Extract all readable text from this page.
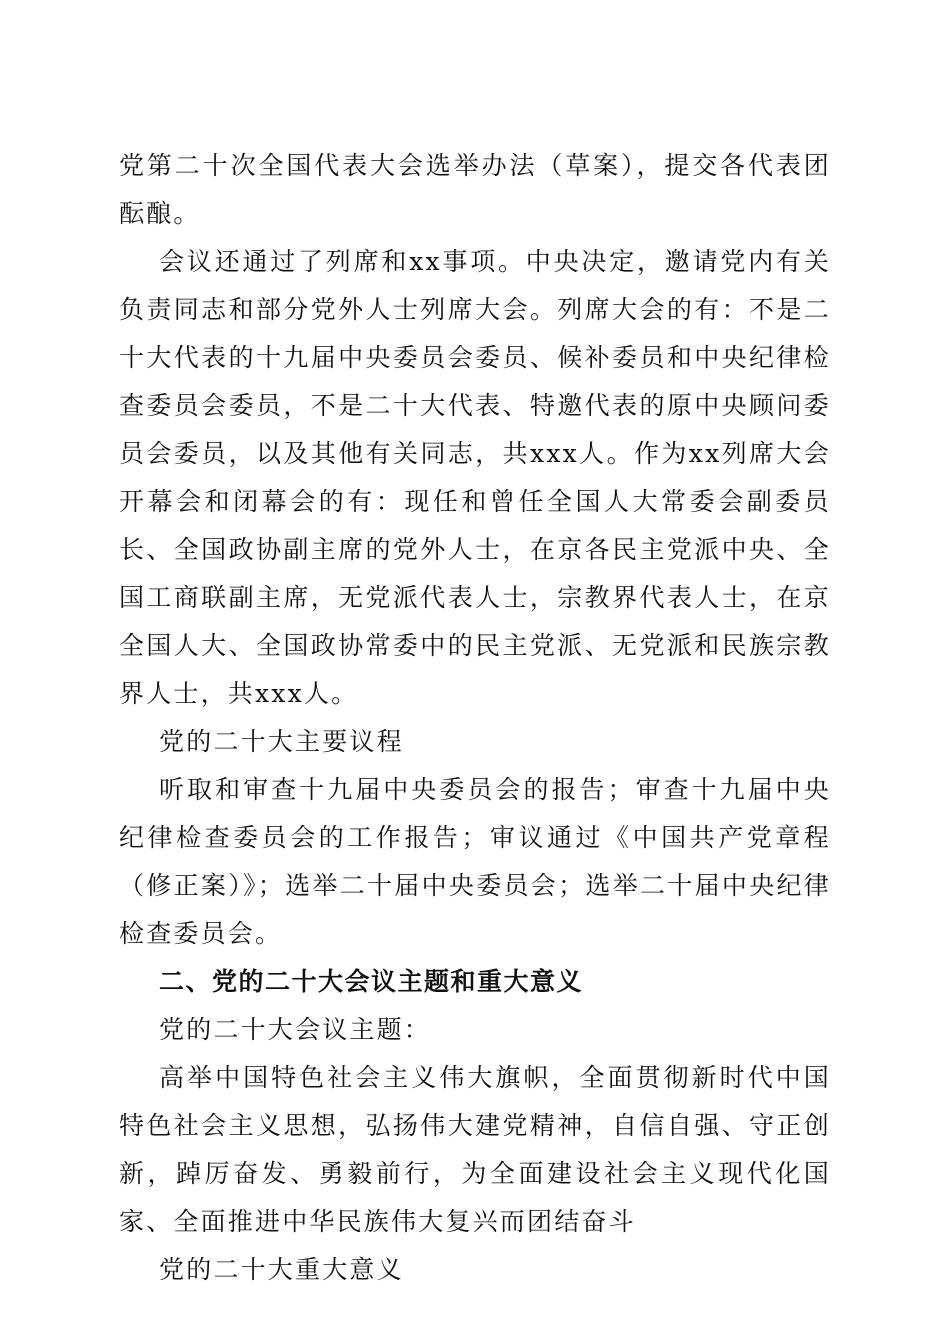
党第二十次全国代表大会选举办法（草案），提交各代表团酝酿。

会议还通过了列席和xx事项。中央决定，邀请党内有关负责同志和部分党外人士列席大会。列席大会的有：不是二十大代表的十九届中央委员会委员、候补委员和中央纪律检查委员会委员，不是二十大代表、特邀代表的原中央顾问委员会委员，以及其他有关同志，共xxx人。作为xx列席大会开幕会和闭幕会的有：现任和曾任全国人大常委会副委员长、全国政协副主席的党外人士，在京各民主党派中央、全国工商联副主席，无党派代表人士，宗教界代表人士，在京全国人大、全国政协常委中的民主党派、无党派和民族宗教界人士，共xxx人。

党的二十大主要议程

听取和审查十九届中央委员会的报告；审查十九届中央纪律检查委员会的工作报告；审议通过《中国共产党章程（修正案）》；选举二十届中央委员会；选举二十届中央纪律检查委员会。

二、党的二十大会议主题和重大意义

党的二十大会议主题：

高举中国特色社会主义伟大旗帜，全面贯彻新时代中国特色社会主义思想，弘扬伟大建党精神，自信自强、守正创新，踔厉奋发、勇毅前行，为全面建设社会主义现代化国家、全面推进中华民族伟大复兴而团结奋斗

党的二十大重大意义
